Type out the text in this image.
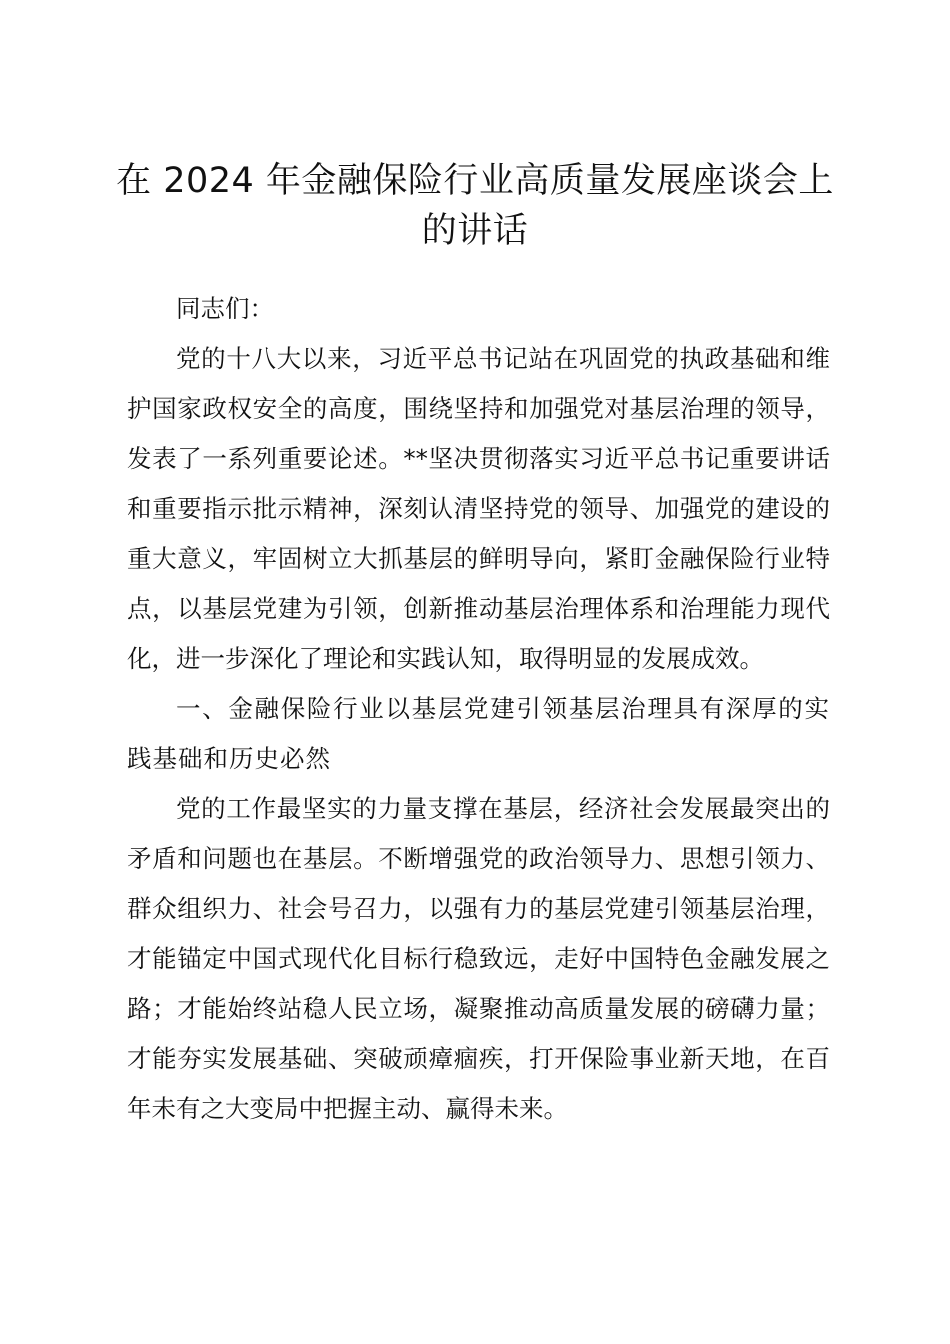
在 2024 年金融保险行业高质量发展座谈会上的讲话

同志们：

党的十八大以来，习近平总书记站在巩固党的执政基础和维护国家政权安全的高度，围绕坚持和加强党对基层治理的领导，发表了一系列重要论述。**坚决贯彻落实习近平总书记重要讲话和重要指示批示精神，深刻认清坚持党的领导、加强党的建设的重大意义，牢固树立大抓基层的鲜明导向，紧盯金融保险行业特点，以基层党建为引领，创新推动基层治理体系和治理能力现代化，进一步深化了理论和实践认知，取得明显的发展成效。

一、金融保险行业以基层党建引领基层治理具有深厚的实践基础和历史必然

党的工作最坚实的力量支撑在基层，经济社会发展最突出的矛盾和问题也在基层。不断增强党的政治领导力、思想引领力、群众组织力、社会号召力，以强有力的基层党建引领基层治理，才能锚定中国式现代化目标行稳致远，走好中国特色金融发展之路；才能始终站稳人民立场，凝聚推动高质量发展的磅礴力量；才能夯实发展基础、突破顽瘴痼疾，打开保险事业新天地，在百年未有之大变局中把握主动、赢得未来。
